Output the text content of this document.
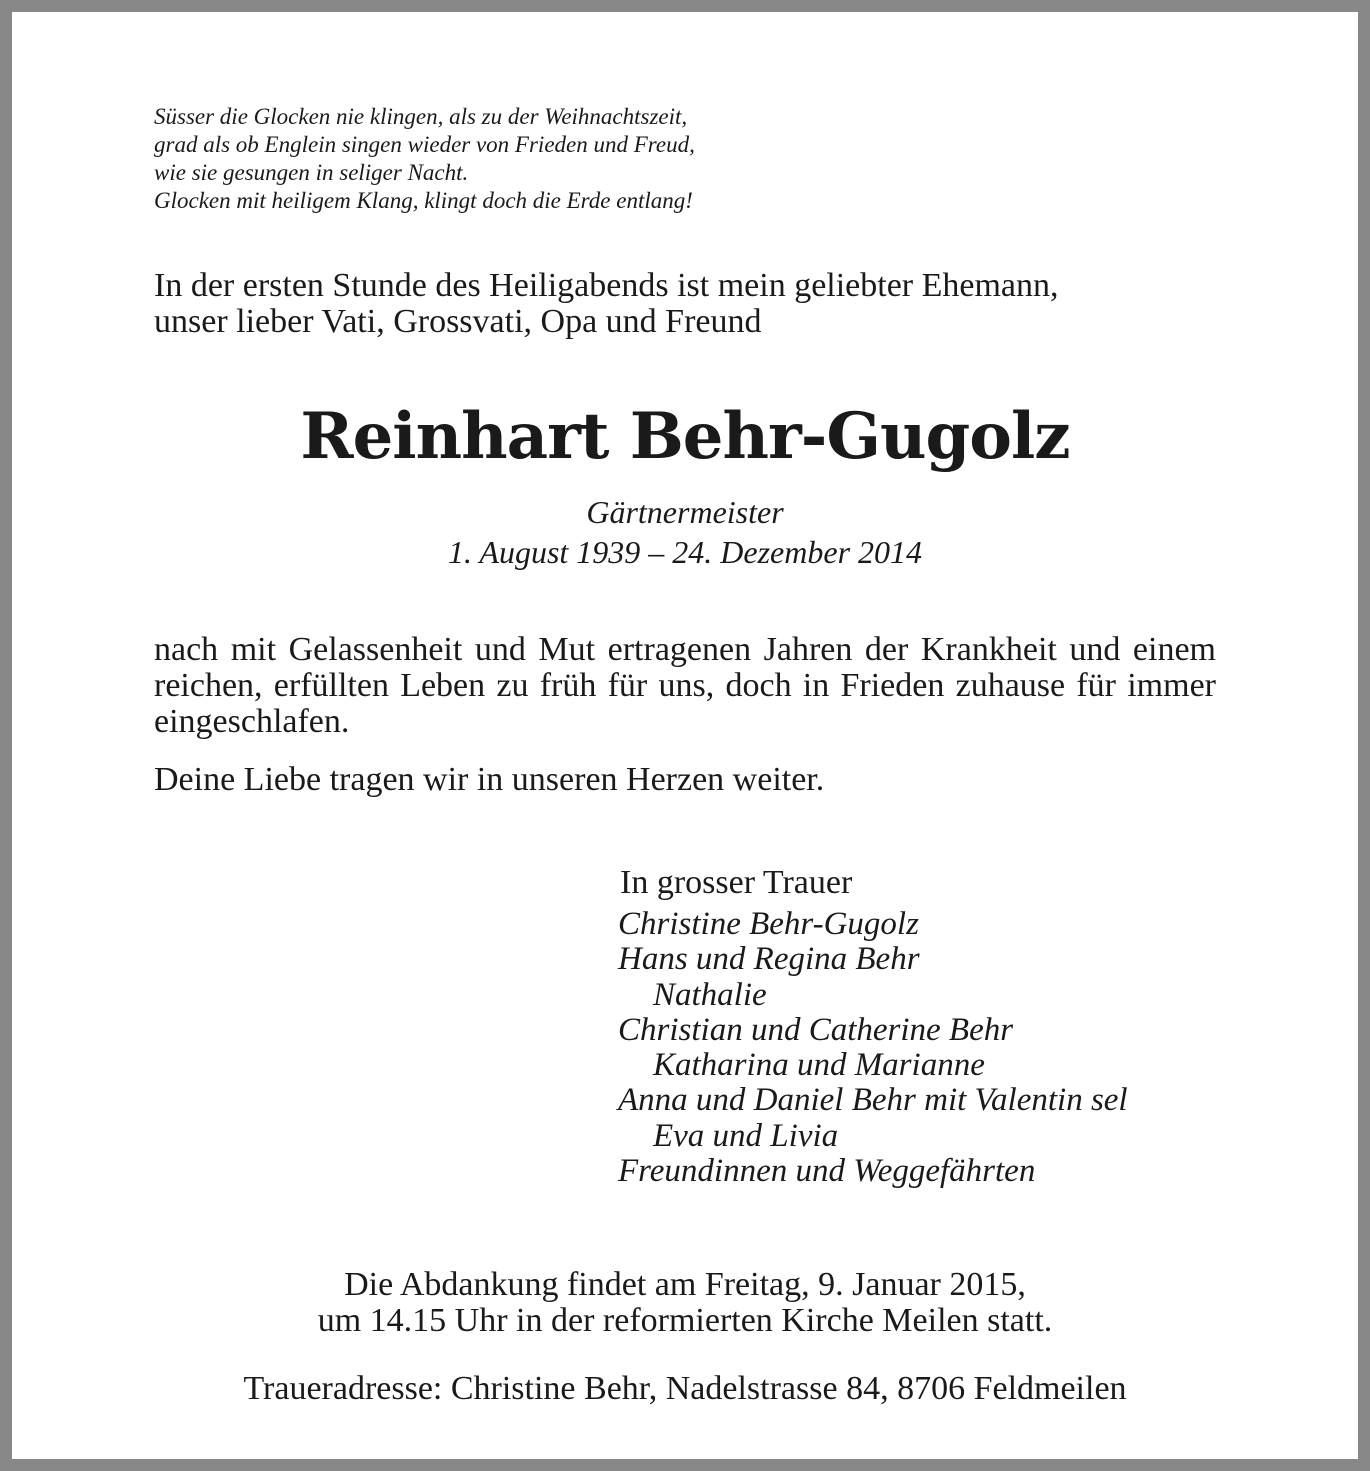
Süsser die Glocken nie klingen, als zu der Weihnachtszeit,
grad als ob Englein singen wieder von Frieden und Freud,
wie sie gesungen in seliger Nacht.
Glocken mit heiligem Klang, klingt doch die Erde entlang!
In der ersten Stunde des Heiligabends ist mein geliebter Ehemann,
unser lieber Vati, Grossvati, Opa und Freund
Reinhart Behr-Gugolz
Gärtnermeister
1. August 1939 – 24. Dezember 2014
nach mit Gelassenheit und Mut ertragenen Jahren der Krankheit und einem reichen, erfüllten Leben zu früh für uns, doch in Frieden zuhause für immer eingeschlafen.
Deine Liebe tragen wir in unseren Herzen weiter.
In grosser Trauer
Christine Behr-Gugolz
Hans und Regina Behr
Nathalie
Christian und Catherine Behr
Katharina und Marianne
Anna und Daniel Behr mit Valentin sel
Eva und Livia
Freundinnen und Weggefährten
Die Abdankung findet am Freitag, 9. Januar 2015,
um 14.15 Uhr in der reformierten Kirche Meilen statt.
Traueradresse: Christine Behr, Nadelstrasse 84, 8706 Feldmeilen
